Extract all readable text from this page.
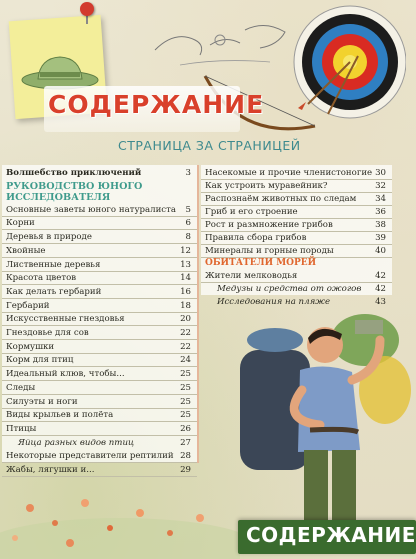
СОДЕРЖАНИЕ
СТРАНИЦА ЗА СТРАНИЦЕЙ
Волшебство приключений	3
РУКОВОДСТВО ЮНОГО
ИССЛЕДОВАТЕЛЯ
Основные заветы юного натуралиста 5
Корни	6
Деревья в природе	8
Хвойные	12
Лиственные деревья	13
Красота цветов	14
Как делать гербарий	16
Гербарий	18
Искусственные гнездовья	20
Гнездовье для сов	22
Кормушки	22
Корм для птиц	24
Идеальный клюв, чтобы...	25
Следы	25
Силуэты и ноги	25
Виды крыльев и полёта	25
Птицы	26
Яйца разных видов птиц	27
Некоторые представители рептилий 28
Жабы, лягушки и...	29
Насекомые и прочие членистоногие 30
Как устроить муравейник?	32
Распознаём животных по следам 34
Гриб и его строение	36
Рост и размножение грибов	38
Правила сбора грибов	39
Минералы и горные породы	40
ОБИТАТЕЛИ МОРЕЙ
Жители мелководья	42
Медузы и средства от ожогов 42
Исследования на пляже	43
СОДЕРЖАНИЕ
